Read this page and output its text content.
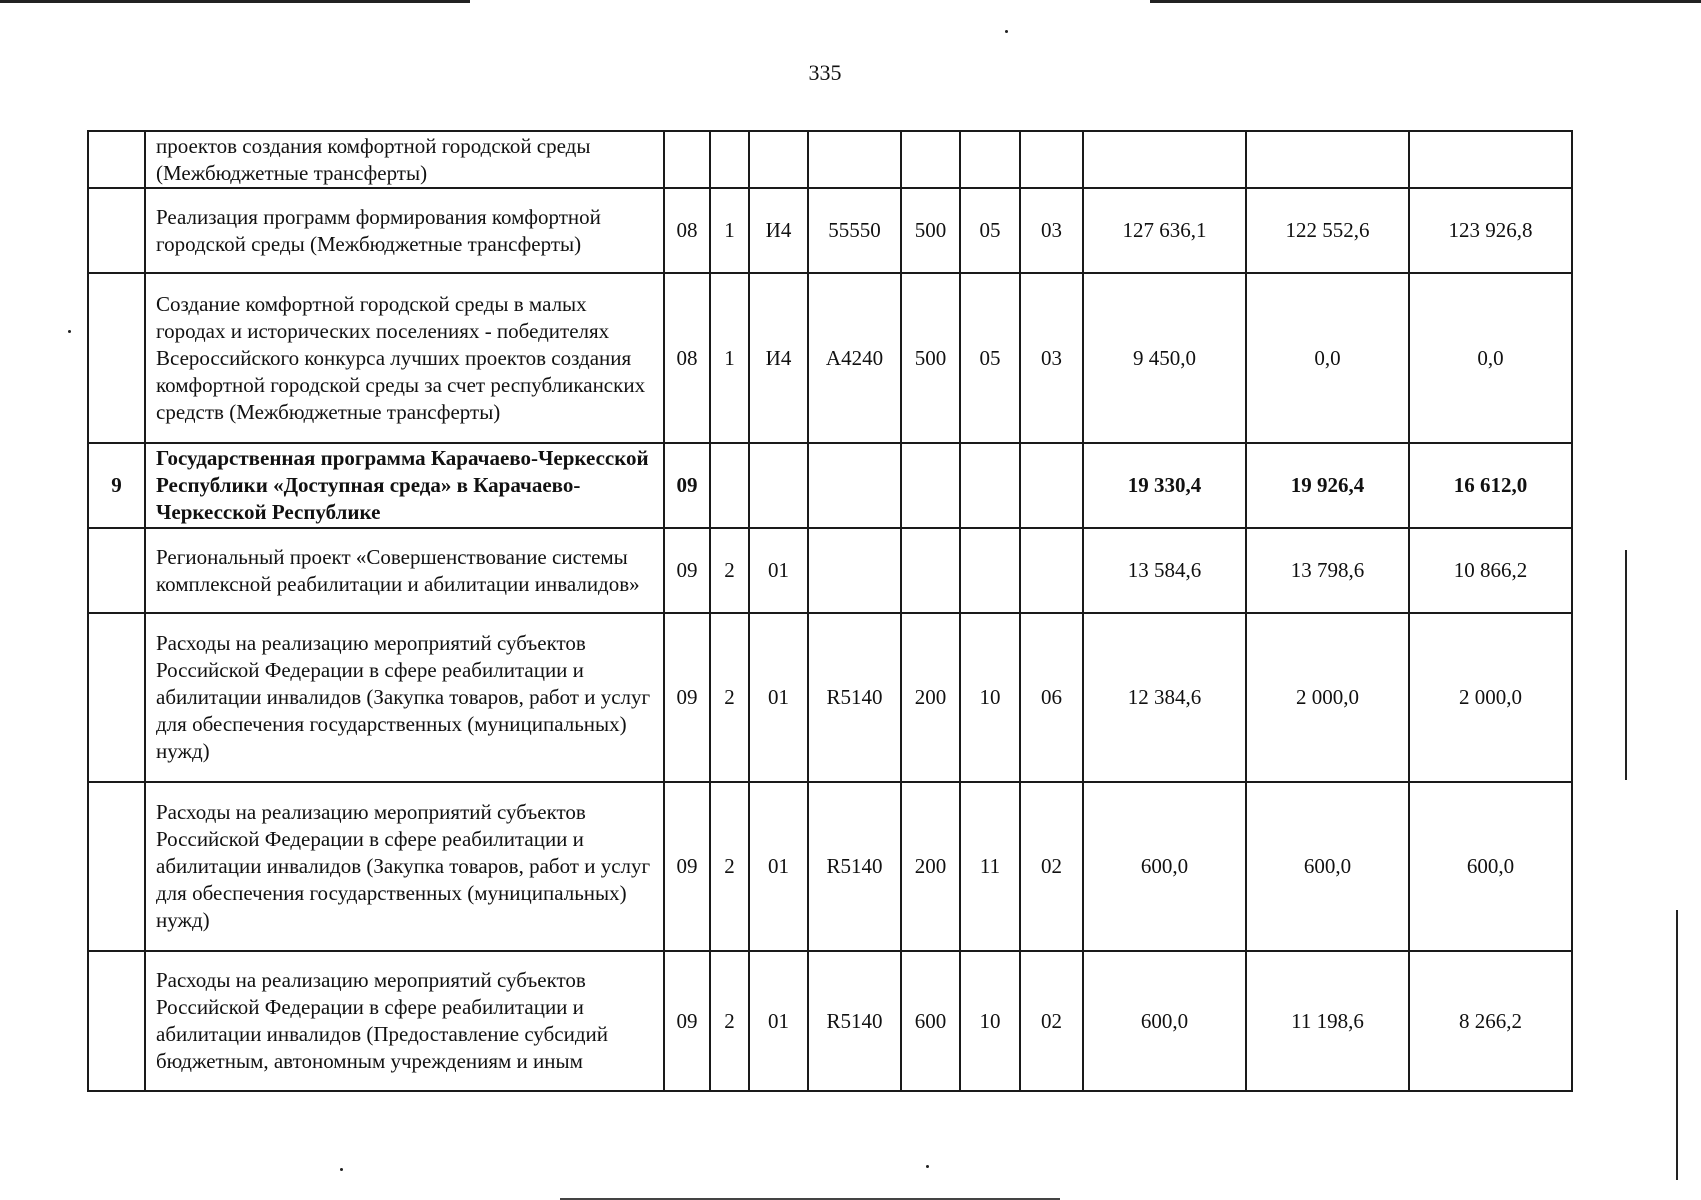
335
	проектов создания комфортной городской среды (Межбюджетные трансферты)										
	Реализация программ формирования комфортной городской среды (Межбюджетные трансферты)	08	1	И4	55550	500	05	03	127 636,1	122 552,6	123 926,8
	Создание комфортной городской среды в малых городах и исторических поселениях - победителях Всероссийского конкурса лучших проектов создания комфортной городской среды за счет республиканских средств (Межбюджетные трансферты)	08	1	И4	А4240	500	05	03	9 450,0	0,0	0,0
9	Государственная программа Карачаево-Черкесской Республики «Доступная среда» в Карачаево-Черкесской Республике	09							19 330,4	19 926,4	16 612,0
	Региональный проект «Совершенствование системы комплексной реабилитации и абилитации инвалидов»	09	2	01					13 584,6	13 798,6	10 866,2
	Расходы на реализацию мероприятий субъектов Российской Федерации в сфере реабилитации и абилитации инвалидов (Закупка товаров, работ и услуг для обеспечения государственных (муниципальных) нужд)	09	2	01	R5140	200	10	06	12 384,6	2 000,0	2 000,0
	Расходы на реализацию мероприятий субъектов Российской Федерации в сфере реабилитации и абилитации инвалидов (Закупка товаров, работ и услуг для обеспечения государственных (муниципальных) нужд)	09	2	01	R5140	200	11	02	600,0	600,0	600,0
	Расходы на реализацию мероприятий субъектов Российской Федерации в сфере реабилитации и абилитации инвалидов (Предоставление субсидий бюджетным, автономным учреждениям и иным	09	2	01	R5140	600	10	02	600,0	11 198,6	8 266,2
